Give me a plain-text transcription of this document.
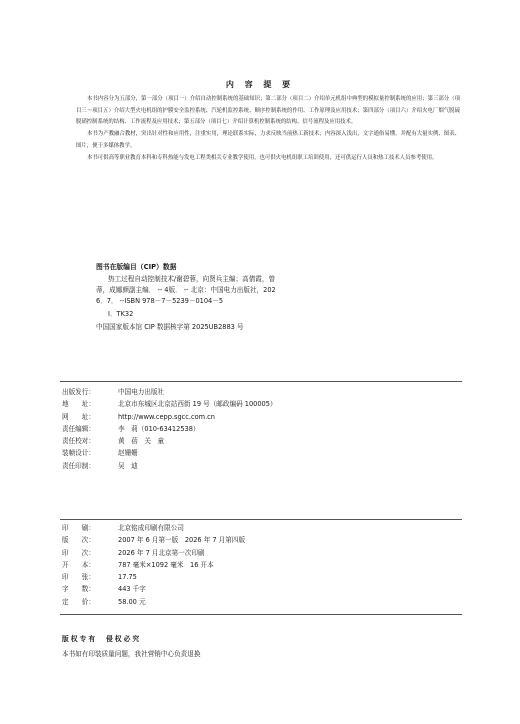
内 容 提 要

本书内容分为五部分，第一部分（项目一）介绍自动控制系统的基础知识；第二部分（项目二）介绍单元机组中典型的模拟量控制系统的应用；第三部分（项目三～项目五）介绍大型火电机组的护膜安全监控系统、汽轮机监控系统、顺序控制系统的作用、工作原理及应用技术；第四部分（项目六）介绍火电厂烟气脱硫脱硝控制系统的结构、工作流程及应用技术；第五部分（项目七）介绍计算机控制系统的结构、信号流程及应用技术。

本书为产教融合教材，突出针对性和应用性，注重实用，理论联系实际，力求反映当前热工新技术；内容深入浅出，文字通俗易懂，并配有大量实例、图表、图片，便于多媒体教学。

本书可供高等职业教育本科和专科热能与发电工程类相关专业教学使用，也可供火电机组职工培训使用，还可供运行人员和热工技术人员参考使用。

图书在版编目（CIP）数据
热工过程自动控制技术/谢碧蓉，向贤兵主编；高倩霞，曾蒂，成娜颜副主编． -- 4版． -- 北京：中国电力出版社，2026．7． --ISBN 978－7－5239－0104－5
Ⅰ．TK32
中国国家版本馆 CIP 数据核字第 2025UB2883 号
出版发行：	中国电力出版社
地　　址：	北京市东城区北京站西街 19 号（邮政编码 100005）
网　　址：	http://www.cepp.sgcc.com.cn
责任编辑：	李　莉（010-63412538）
责任校对：	黄　蓓　关　童
装帧设计：	赵姗姗
责任印制：	吴　迪
印　　刷：	北京铭成印刷有限公司
版　　次：	2007 年 6 月第一版　2026 年 7 月第四版
印　　次：	2026 年 7 月北京第一次印刷
开　　本：	787 毫米×1092 毫米　16 开本
印　　张：	17.75
字　　数：	443 千字
定　　价：	58.00 元
版权专有　侵权必究
本书如有印装质量问题，我社营销中心负责退换
